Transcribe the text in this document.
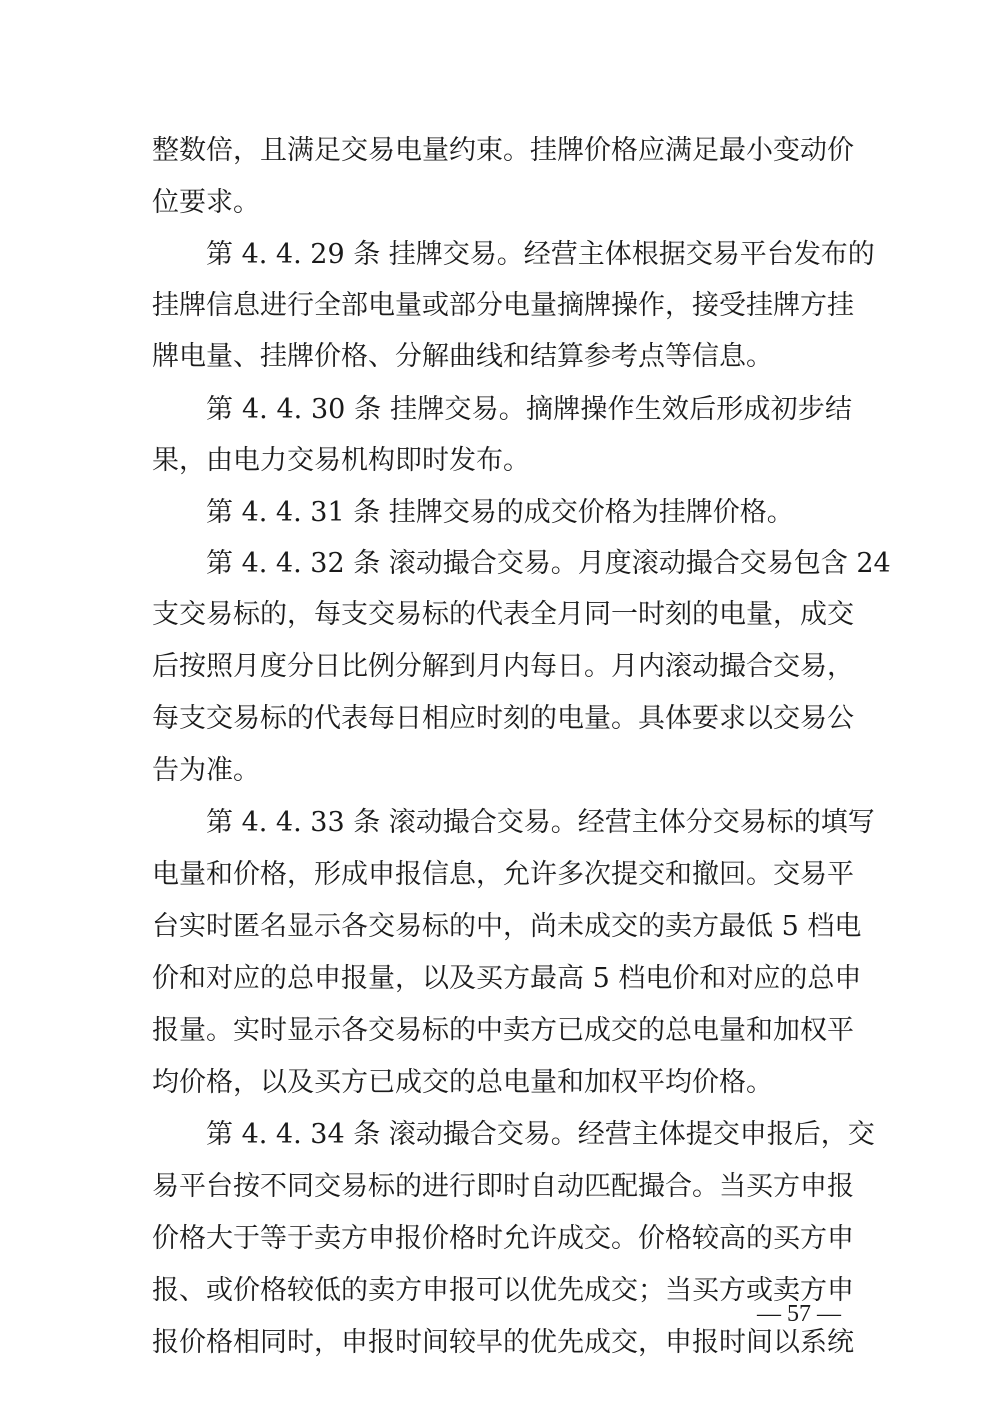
整数倍，且满足交易电量约束。挂牌价格应满足最小变动价
位要求。
第 4. 4. 29 条 挂牌交易。经营主体根据交易平台发布的
挂牌信息进行全部电量或部分电量摘牌操作，接受挂牌方挂
牌电量、挂牌价格、分解曲线和结算参考点等信息。
第 4. 4. 30 条 挂牌交易。摘牌操作生效后形成初步结
果，由电力交易机构即时发布。
第 4. 4. 31 条 挂牌交易的成交价格为挂牌价格。
第 4. 4. 32 条 滚动撮合交易。月度滚动撮合交易包含 24
支交易标的，每支交易标的代表全月同一时刻的电量，成交
后按照月度分日比例分解到月内每日。月内滚动撮合交易，
每支交易标的代表每日相应时刻的电量。具体要求以交易公
告为准。
第 4. 4. 33 条 滚动撮合交易。经营主体分交易标的填写
电量和价格，形成申报信息，允许多次提交和撤回。交易平
台实时匿名显示各交易标的中，尚未成交的卖方最低 5 档电
价和对应的总申报量，以及买方最高 5 档电价和对应的总申
报量。实时显示各交易标的中卖方已成交的总电量和加权平
均价格，以及买方已成交的总电量和加权平均价格。
第 4. 4. 34 条 滚动撮合交易。经营主体提交申报后，交
易平台按不同交易标的进行即时自动匹配撮合。当买方申报
价格大于等于卖方申报价格时允许成交。价格较高的买方申
报、或价格较低的卖方申报可以优先成交；当买方或卖方申
报价格相同时，申报时间较早的优先成交，申报时间以系统
— 57 —
